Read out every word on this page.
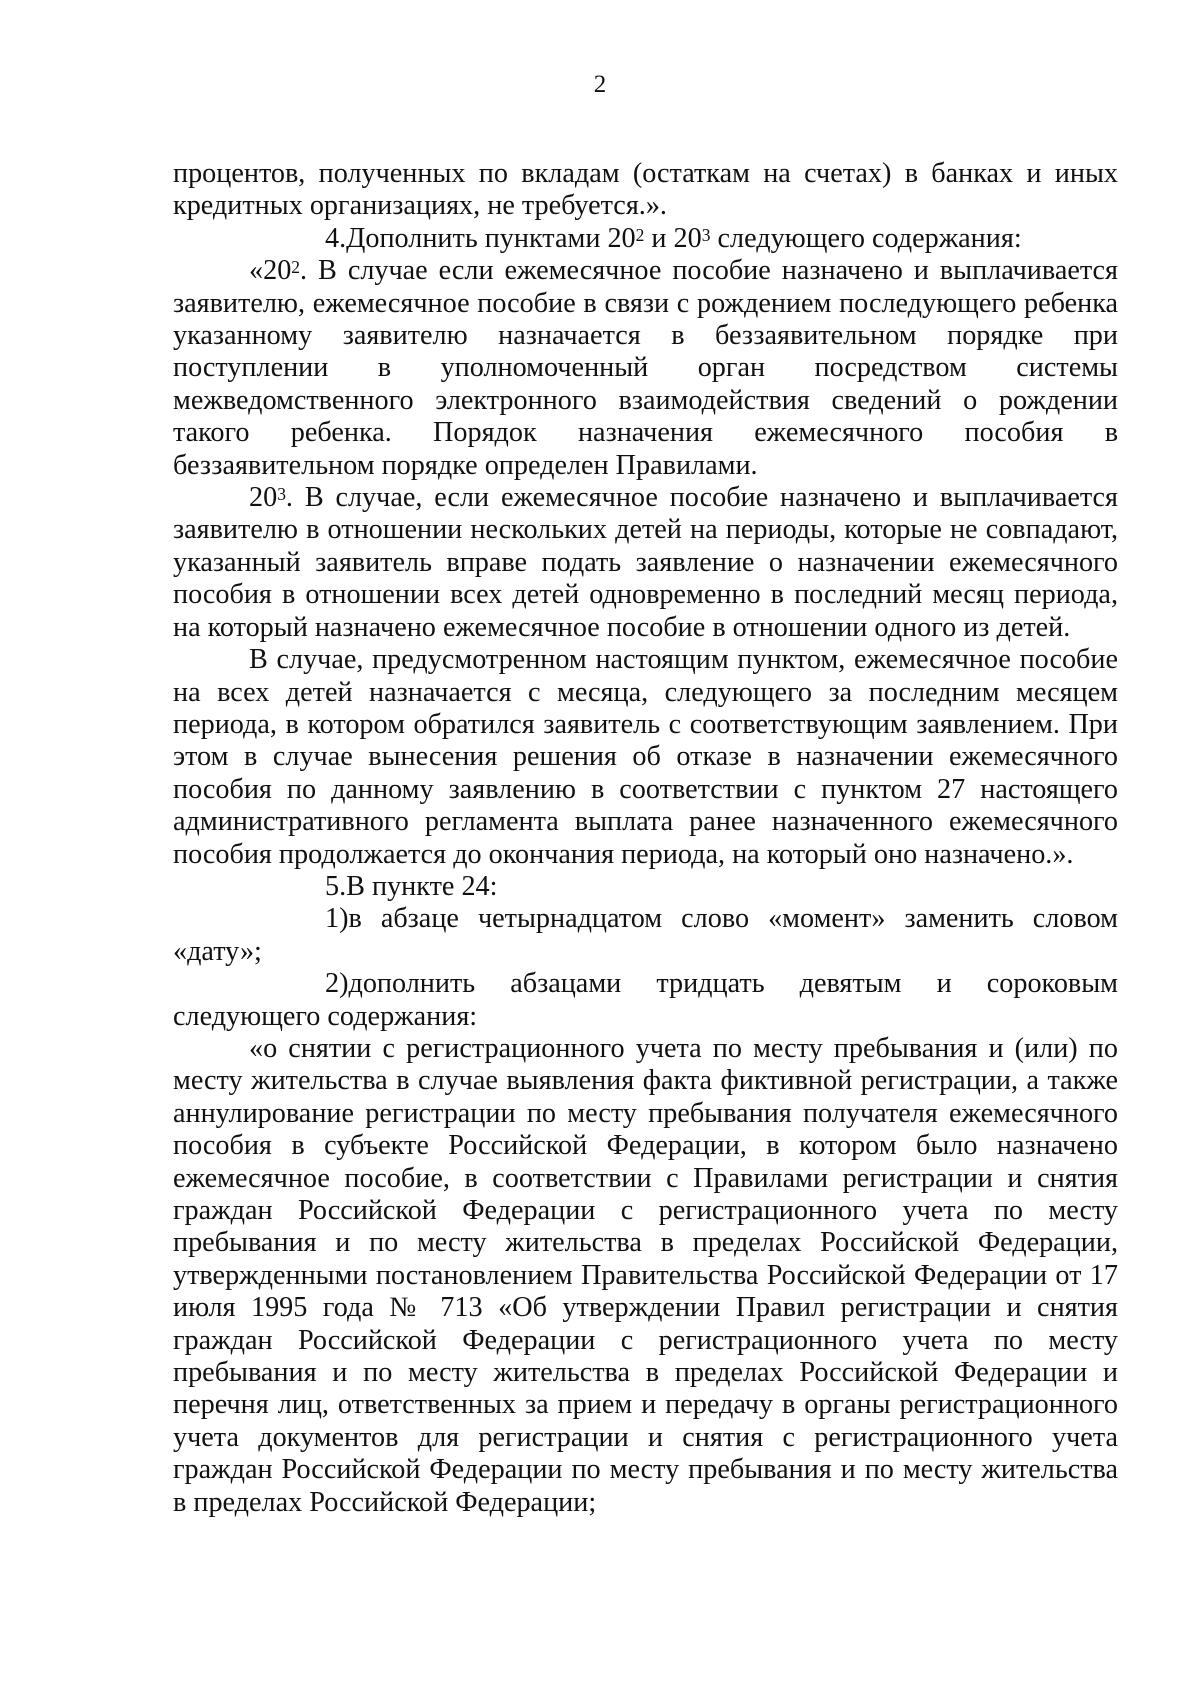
2

процентов, полученных по вкладам (остаткам на счетах) в банках и иных кредитных организациях, не требуется.».

4.Дополнить пунктами $20^2$ и $20^3$ следующего содержания:

«$20^2$. В случае если ежемесячное пособие назначено и выплачивается заявителю, ежемесячное пособие в связи с рождением последующего ребенка указанному заявителю назначается в беззаявительном порядке при поступлении в уполномоченный орган посредством системы межведомственного электронного взаимодействия сведений о рождении такого ребенка. Порядок назначения ежемесячного пособия в беззаявительном порядке определен Правилами.

$20^3$. В случае, если ежемесячное пособие назначено и выплачивается заявителю в отношении нескольких детей на периоды, которые не совпадают, указанный заявитель вправе подать заявление о назначении ежемесячного пособия в отношении всех детей одновременно в последний месяц периода, на который назначено ежемесячное пособие в отношении одного из детей.

В случае, предусмотренном настоящим пунктом, ежемесячное пособие на всех детей назначается с месяца, следующего за последним месяцем периода, в котором обратился заявитель с соответствующим заявлением. При этом в случае вынесения решения об отказе в назначении ежемесячного пособия по данному заявлению в соответствии с пунктом 27 настоящего административного регламента выплата ранее назначенного ежемесячного пособия продолжается до окончания периода, на который оно назначено.».

5.В пункте 24:

1)в абзаце четырнадцатом слово «момент» заменить словом «дату»;

2)дополнить абзацами тридцать девятым и сороковым следующего содержания:

«о снятии с регистрационного учета по месту пребывания и (или) по месту жительства в случае выявления факта фиктивной регистрации, а также аннулирование регистрации по месту пребывания получателя ежемесячного пособия в субъекте Российской Федерации, в котором было назначено ежемесячное пособие, в соответствии с Правилами регистрации и снятия граждан Российской Федерации с регистрационного учета по месту пребывания и по месту жительства в пределах Российской Федерации, утвержденными постановлением Правительства Российской Федерации от 17 июля 1995 года № 713 «Об утверждении Правил регистрации и снятия граждан Российской Федерации с регистрационного учета по месту пребывания и по месту жительства в пределах Российской Федерации и перечня лиц, ответственных за прием и передачу в органы регистрационного учета документов для регистрации и снятия с регистрационного учета граждан Российской Федерации по месту пребывания и по месту жительства в пределах Российской Федерации;
